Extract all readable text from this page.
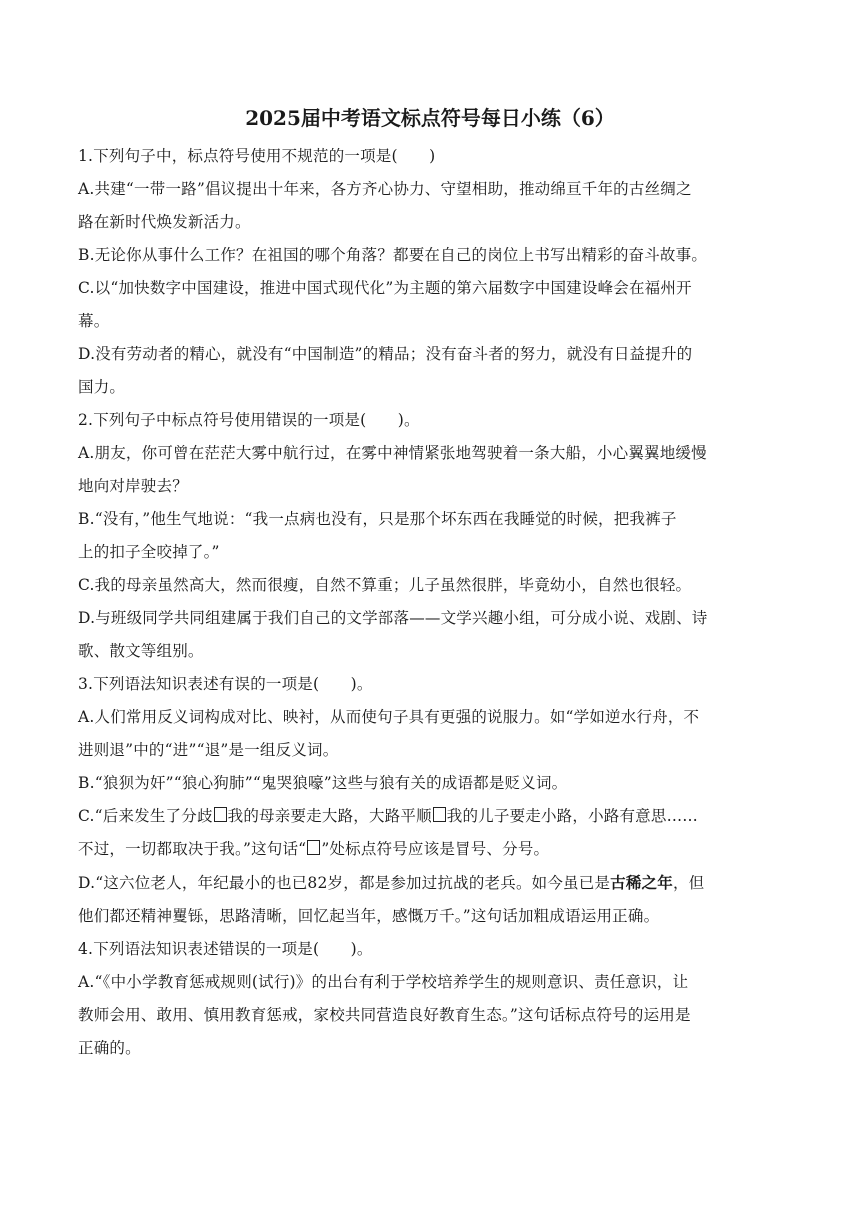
2025届中考语文标点符号每日小练（6）

1.下列句子中，标点符号使用不规范的一项是(　　)

A.共建“一带一路”倡议提出十年来，各方齐心协力、守望相助，推动绵亘千年的古丝绸之

路在新时代焕发新活力。

B.无论你从事什么工作？在祖国的哪个角落？都要在自己的岗位上书写出精彩的奋斗故事。

C.以“加快数字中国建设，推进中国式现代化”为主题的第六届数字中国建设峰会在福州开

幕。

D.没有劳动者的精心，就没有“中国制造”的精品；没有奋斗者的努力，就没有日益提升的

国力。

2.下列句子中标点符号使用错误的一项是(　　)。

A.朋友，你可曾在茫茫大雾中航行过，在雾中神情紧张地驾驶着一条大船，小心翼翼地缓慢

地向对岸驶去？

B.“没有，”他生气地说：“我一点病也没有，只是那个坏东西在我睡觉的时候，把我裤子

上的扣子全咬掉了。”

C.我的母亲虽然高大，然而很瘦，自然不算重；儿子虽然很胖，毕竟幼小，自然也很轻。

D.与班级同学共同组建属于我们自己的文学部落——文学兴趣小组，可分成小说、戏剧、诗

歌、散文等组别。

3.下列语法知识表述有误的一项是(　　)。

A.人们常用反义词构成对比、映衬，从而使句子具有更强的说服力。如“学如逆水行舟，不

进则退”中的“进”“退”是一组反义词。

B.“狼狈为奸”“狼心狗肺”“鬼哭狼嚎”这些与狼有关的成语都是贬义词。

C.“后来发生了分歧 我的母亲要走大路，大路平顺 我的儿子要走小路，小路有意思……

不过，一切都取决于我。”这句话“ ”处标点符号应该是冒号、分号。

D.“这六位老人，年纪最小的也已82岁，都是参加过抗战的老兵。如今虽已是古稀之年，但

他们都还精神矍铄，思路清晰，回忆起当年，感慨万千。”这句话加粗成语运用正确。

4.下列语法知识表述错误的一项是(　　)。

A.“《中小学教育惩戒规则(试行)》的出台有利于学校培养学生的规则意识、责任意识，让

教师会用、敢用、慎用教育惩戒，家校共同营造良好教育生态。”这句话标点符号的运用是

正确的。
